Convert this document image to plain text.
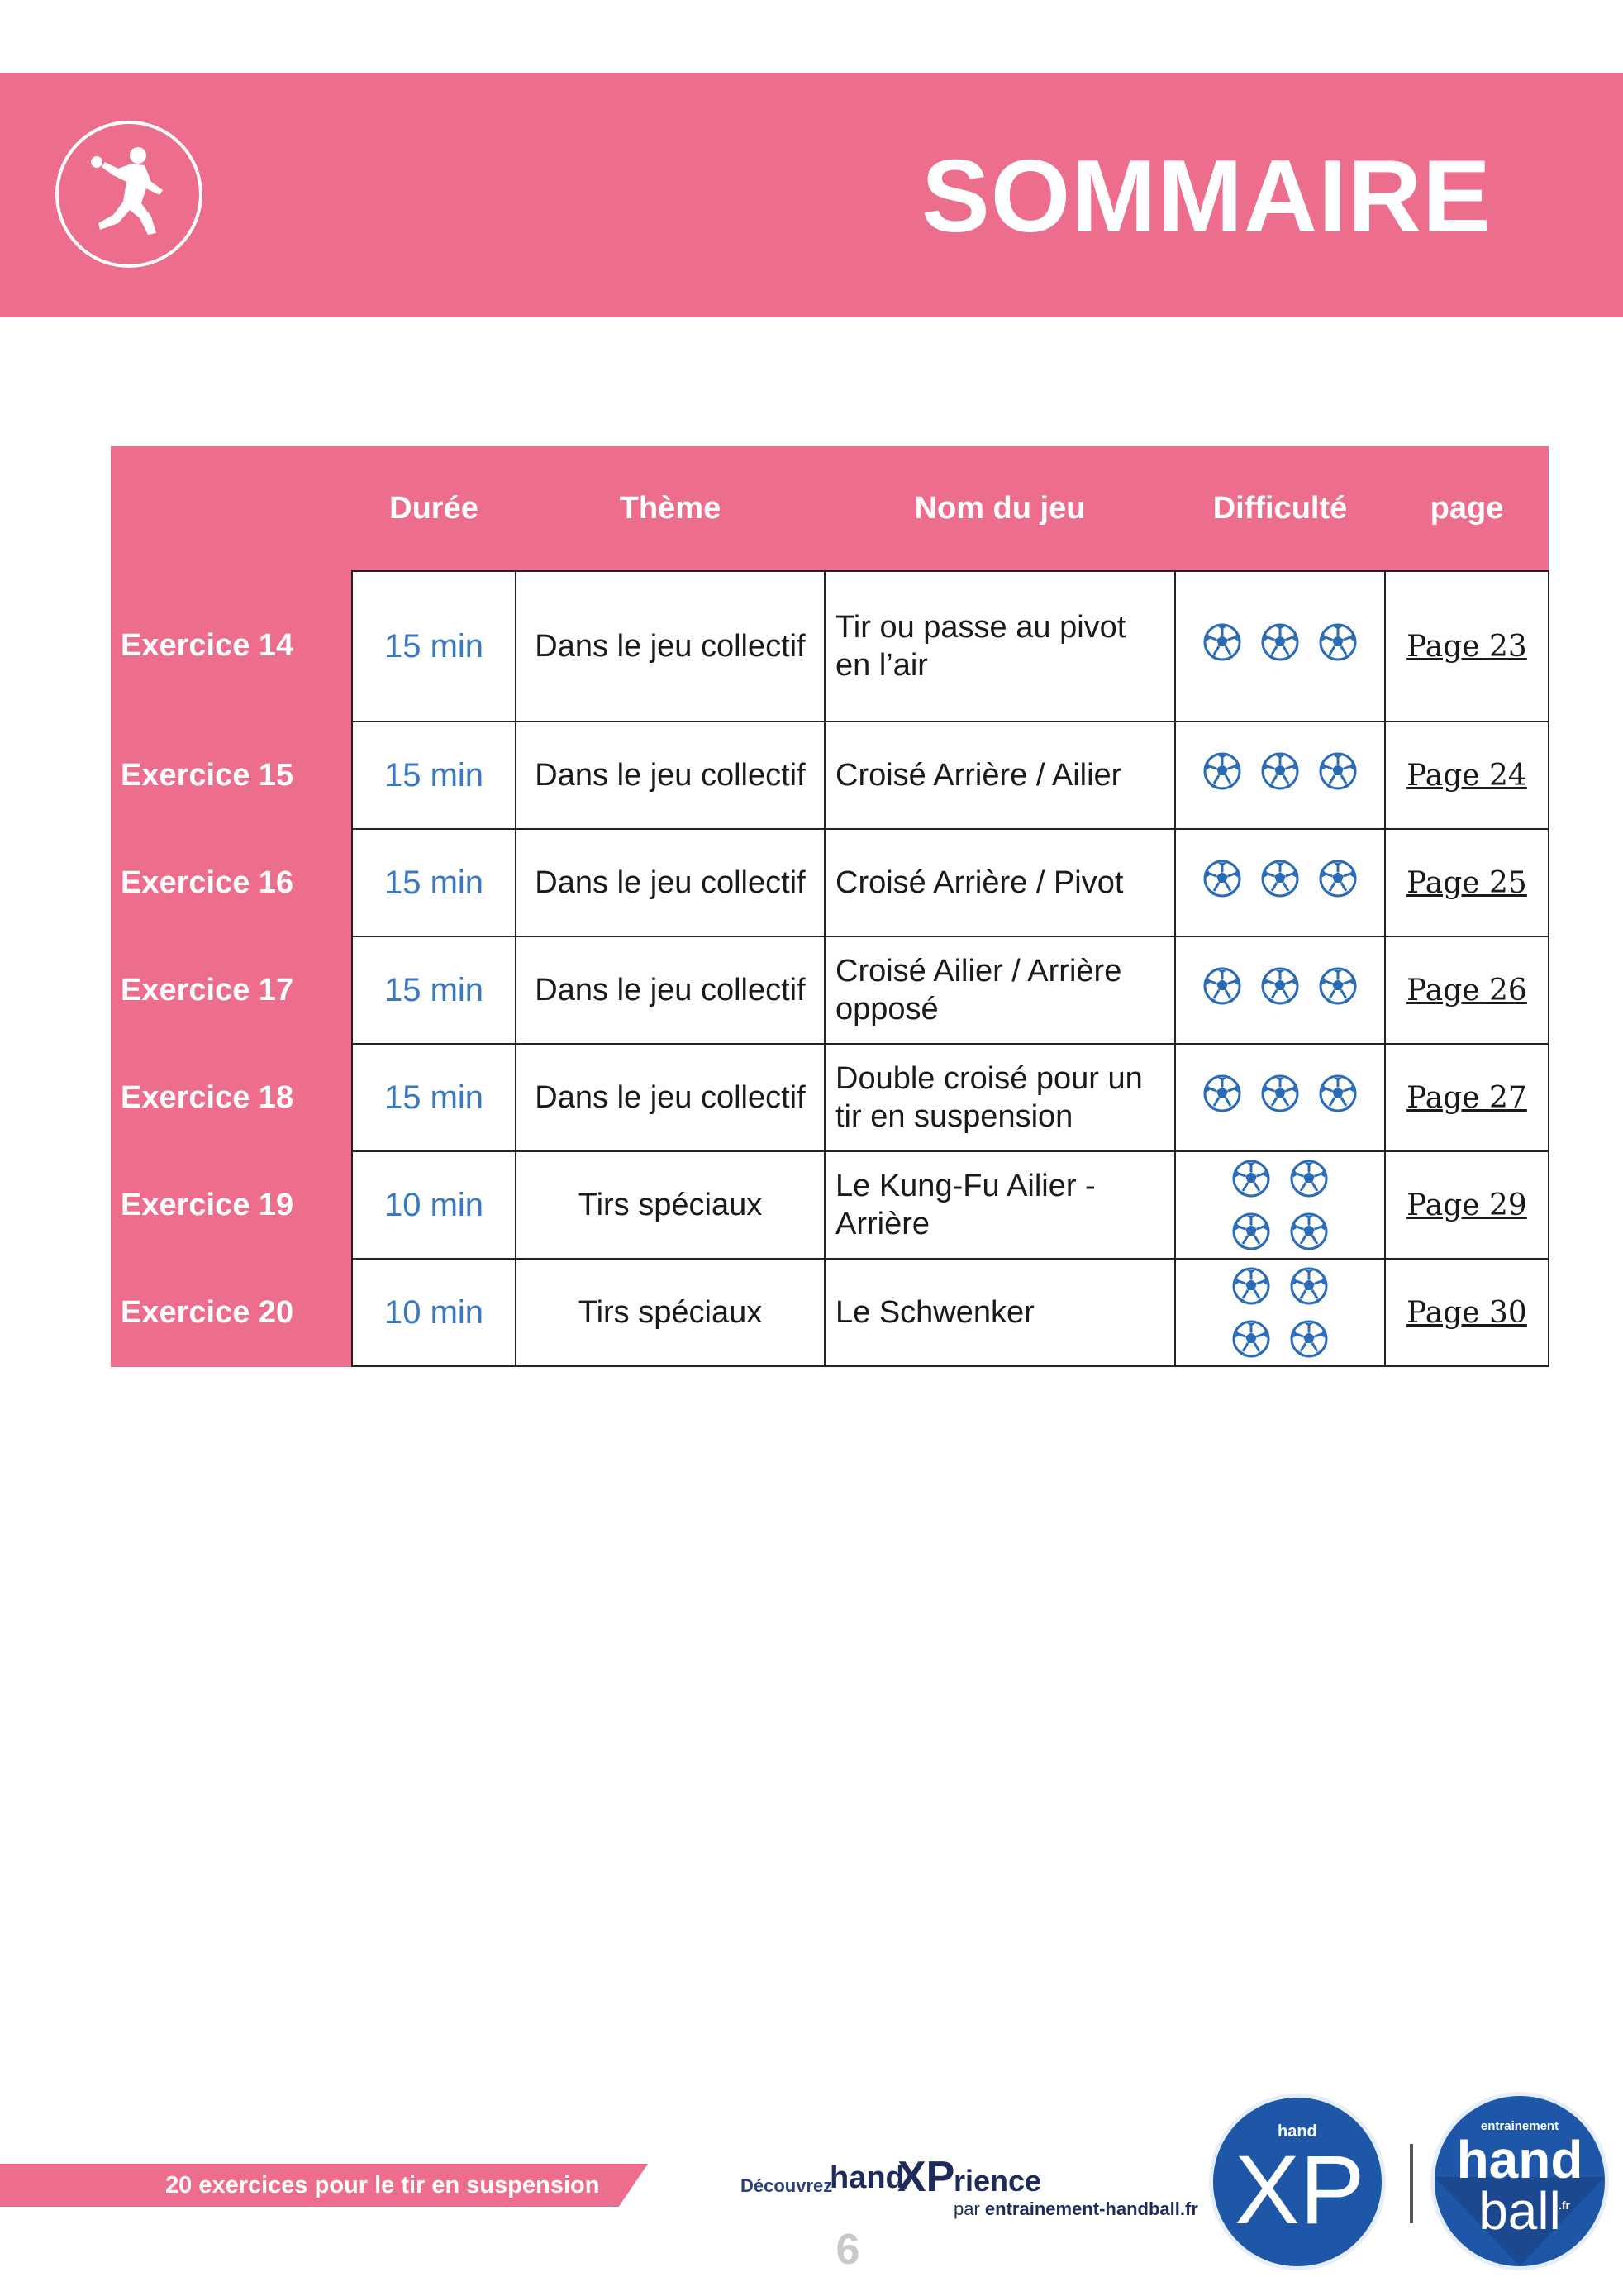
SOMMAIRE
	Durée	Thème	Nom du jeu	Difficulté	page
Exercice 14	15 min	Dans le jeu collectif	Tir ou passe au pivot en l’air		Page 23
Exercice 15	15 min	Dans le jeu collectif	Croisé Arrière / Ailier		Page 24
Exercice 16	15 min	Dans le jeu collectif	Croisé Arrière / Pivot		Page 25
Exercice 17	15 min	Dans le jeu collectif	Croisé Ailier / Arrière opposé		Page 26
Exercice 18	15 min	Dans le jeu collectif	Double croisé pour un tir en suspension		Page 27
Exercice 19	10 min	Tirs spéciaux	Le Kung-Fu Ailier - Arrière		Page 29
Exercice 20	10 min	Tirs spéciaux	Le Schwenker		Page 30
20 exercices pour le tir en suspension	Découvrez
hand
XP
rience
par entrainement-handball.fr
6
hand
XP
entrainement
hand
ball
.fr
